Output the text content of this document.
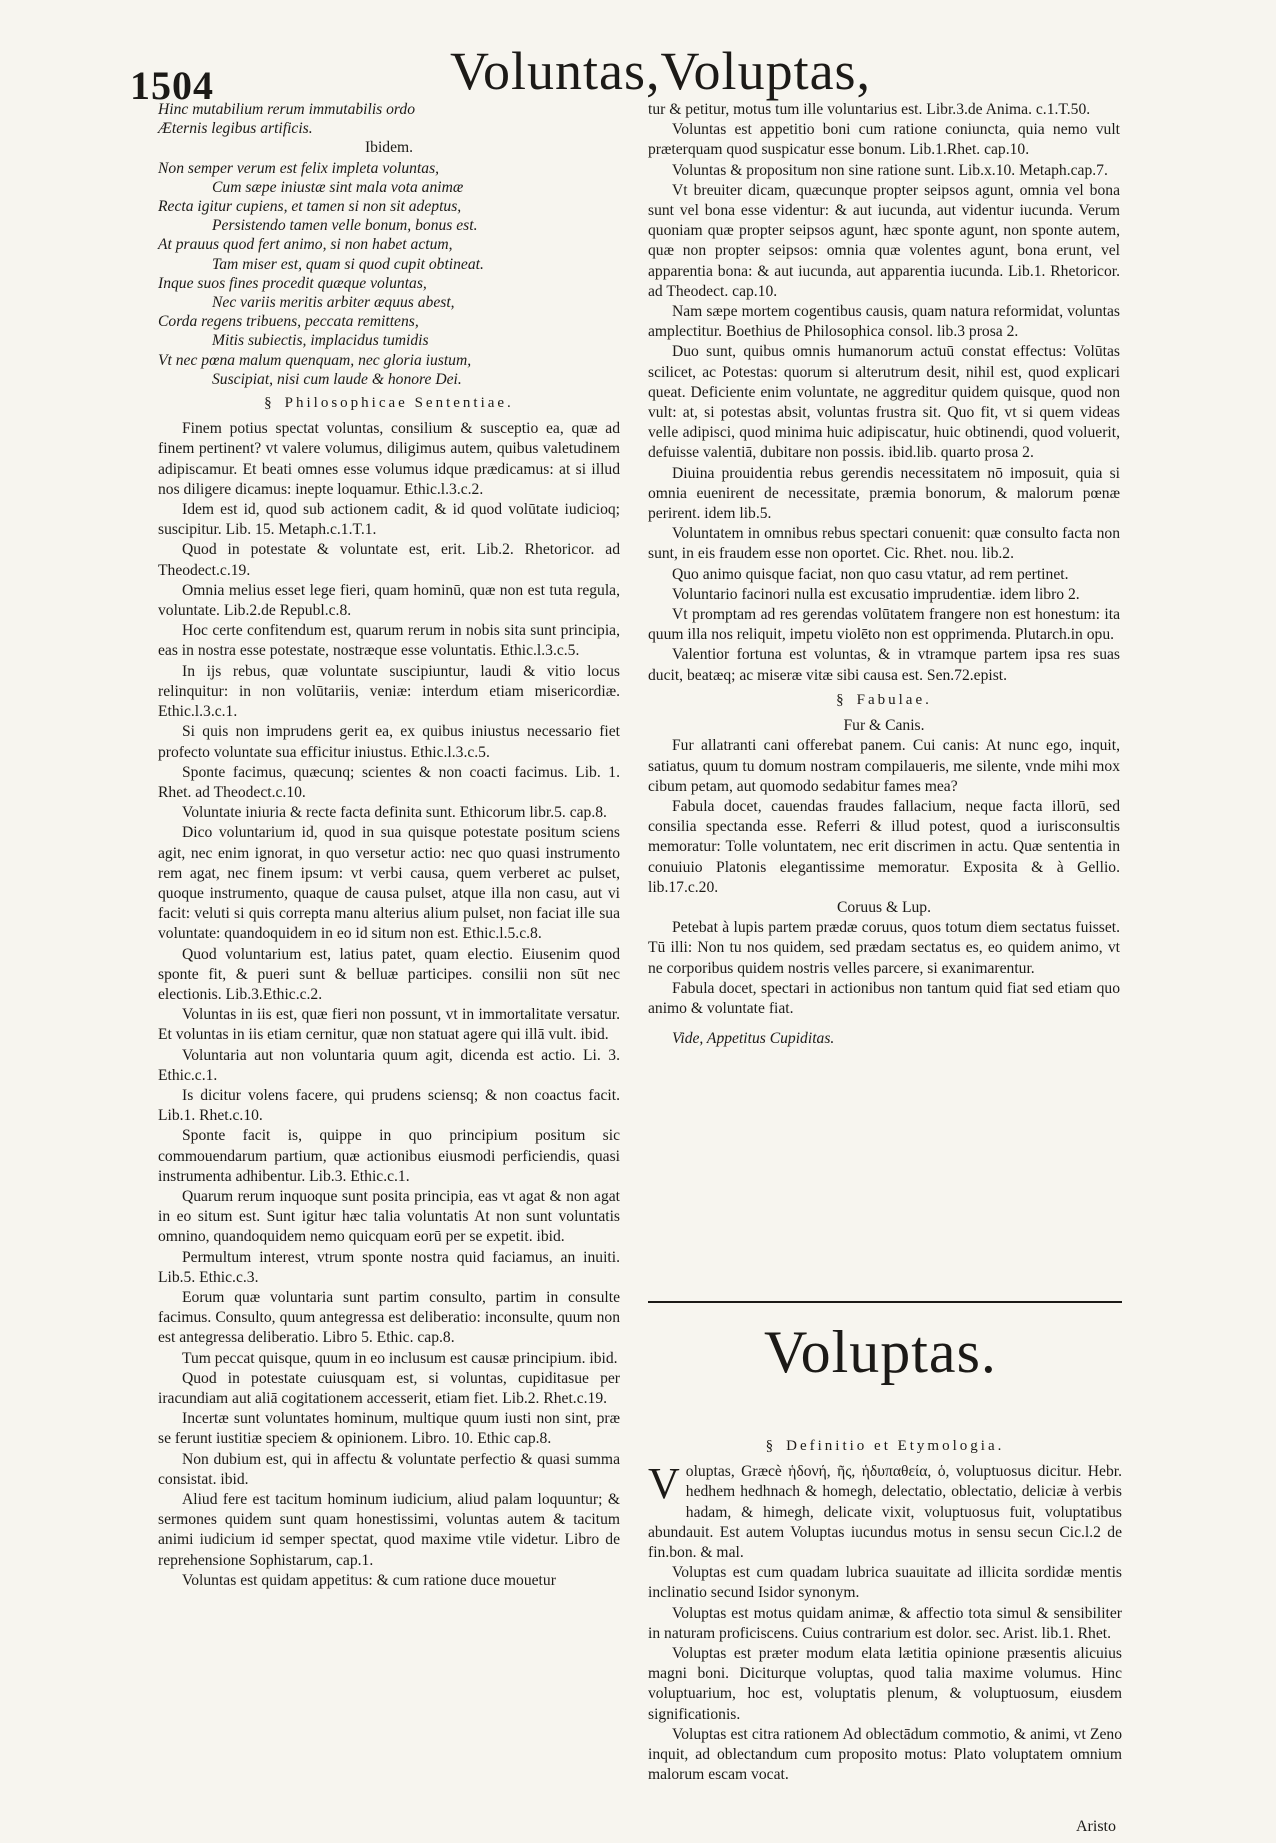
1504	Voluntas,Voluptas,

Hinc mutabilium rerum immutabilis ordo

Æternis legibus artificis.

Ibidem.

Non semper verum est felix impleta voluntas,

Cum sæpe iniustæ sint mala vota animæ

Recta igitur cupiens, et tamen si non sit adeptus,

Persistendo tamen velle bonum, bonus est.

At prauus quod fert animo, si non habet actum,

Tam miser est, quam si quod cupit obtineat.

Inque suos fines procedit quæque voluntas,

Nec variis meritis arbiter æquus abest,

Corda regens tribuens, peccata remittens,

Mitis subiectis, implacidus tumidis

Vt nec pœna malum quenquam, nec gloria iustum,

Suscipiat, nisi cum laude & honore Dei.

§ Philosophicae Sententiae.

Finem potius spectat voluntas, consilium & susceptio ea, quæ ad finem pertinent? vt valere volumus, diligimus autem, quibus valetudinem adipiscamur. Et beati omnes esse volumus idque prædicamus: at si illud nos diligere dicamus: inepte loquamur. Ethic.l.3.c.2.

Idem est id, quod sub actionem cadit, & id quod volūtate iudicioq; suscipitur. Lib. 15. Metaph.c.1.T.1.

Quod in potestate & voluntate est, erit. Lib.2. Rhetoricor. ad Theodect.c.19.

Omnia melius esset lege fieri, quam hominū, quæ non est tuta regula, voluntate. Lib.2.de Republ.c.8.

Hoc certe confitendum est, quarum rerum in nobis sita sunt principia, eas in nostra esse potestate, nostræque esse voluntatis. Ethic.l.3.c.5.

In ijs rebus, quæ voluntate suscipiuntur, laudi & vitio locus relinquitur: in non volūtariis, veniæ: interdum etiam misericordiæ. Ethic.l.3.c.1.

Si quis non imprudens gerit ea, ex quibus iniustus necessario fiet profecto voluntate sua efficitur iniustus. Ethic.l.3.c.5.

Sponte facimus, quæcunq; scientes & non coacti facimus. Lib. 1. Rhet. ad Theodect.c.10.

Voluntate iniuria & recte facta definita sunt. Ethicorum libr.5. cap.8.

Dico voluntarium id, quod in sua quisque potestate positum sciens agit, nec enim ignorat, in quo versetur actio: nec quo quasi instrumento rem agat, nec finem ipsum: vt verbi causa, quem verberet ac pulset, quoque instrumento, quaque de causa pulset, atque illa non casu, aut vi facit: veluti si quis correpta manu alterius alium pulset, non faciat ille sua voluntate: quandoquidem in eo id situm non est. Ethic.l.5.c.8.

Quod voluntarium est, latius patet, quam electio. Eiusenim quod sponte fit, & pueri sunt & belluæ participes. consilii non sūt nec electionis. Lib.3.Ethic.c.2.

Voluntas in iis est, quæ fieri non possunt, vt in immortalitate versatur. Et voluntas in iis etiam cernitur, quæ non statuat agere qui illā vult. ibid.

Voluntaria aut non voluntaria quum agit, dicenda est actio. Li. 3. Ethic.c.1.

Is dicitur volens facere, qui prudens sciensq; & non coactus facit. Lib.1. Rhet.c.10.

Sponte facit is, quippe in quo principium positum sic commouendarum partium, quæ actionibus eiusmodi perficiendis, quasi instrumenta adhibentur. Lib.3. Ethic.c.1.

Quarum rerum inquoque sunt posita principia, eas vt agat & non agat in eo situm est. Sunt igitur hæc talia voluntatis At non sunt voluntatis omnino, quandoquidem nemo quicquam eorū per se expetit. ibid.

Permultum interest, vtrum sponte nostra quid faciamus, an inuiti. Lib.5. Ethic.c.3.

Eorum quæ voluntaria sunt partim consulto, partim in consulte facimus. Consulto, quum antegressa est deliberatio: inconsulte, quum non est antegressa deliberatio. Libro 5. Ethic. cap.8.

Tum peccat quisque, quum in eo inclusum est causæ principium. ibid.

Quod in potestate cuiusquam est, si voluntas, cupiditasue per iracundiam aut aliā cogitationem accesserit, etiam fiet. Lib.2. Rhet.c.19.

Incertæ sunt voluntates hominum, multique quum iusti non sint, præ se ferunt iustitiæ speciem & opinionem. Libro. 10. Ethic cap.8.

Non dubium est, qui in affectu & voluntate perfectio & quasi summa consistat. ibid.

Aliud fere est tacitum hominum iudicium, aliud palam loquuntur; & sermones quidem sunt quam honestissimi, voluntas autem & tacitum animi iudicium id semper spectat, quod maxime vtile videtur. Libro de reprehensione Sophistarum, cap.1.

Voluntas est quidam appetitus: & cum ratione duce mouetur

tur & petitur, motus tum ille voluntarius est. Libr.3.de Anima. c.1.T.50.

Voluntas est appetitio boni cum ratione coniuncta, quia nemo vult præterquam quod suspicatur esse bonum. Lib.1.Rhet. cap.10.

Voluntas & propositum non sine ratione sunt. Lib.x.10. Metaph.cap.7.

Vt breuiter dicam, quæcunque propter seipsos agunt, omnia vel bona sunt vel bona esse videntur: & aut iucunda, aut videntur iucunda. Verum quoniam quæ propter seipsos agunt, hæc sponte agunt, non sponte autem, quæ non propter seipsos: omnia quæ volentes agunt, bona erunt, vel apparentia bona: & aut iucunda, aut apparentia iucunda. Lib.1. Rhetoricor. ad Theodect. cap.10.

Nam sæpe mortem cogentibus causis, quam natura reformidat, voluntas amplectitur. Boethius de Philosophica consol. lib.3 prosa 2.

Duo sunt, quibus omnis humanorum actuū constat effectus: Volūtas scilicet, ac Potestas: quorum si alterutrum desit, nihil est, quod explicari queat. Deficiente enim voluntate, ne aggreditur quidem quisque, quod non vult: at, si potestas absit, voluntas frustra sit. Quo fit, vt si quem videas velle adipisci, quod minima huic adipiscatur, huic obtinendi, quod voluerit, defuisse valentiā, dubitare non possis. ibid.lib. quarto prosa 2.

Diuina prouidentia rebus gerendis necessitatem nō imposuit, quia si omnia euenirent de necessitate, præmia bonorum, & malorum pœnæ perirent. idem lib.5.

Voluntatem in omnibus rebus spectari conuenit: quæ consulto facta non sunt, in eis fraudem esse non oportet. Cic. Rhet. nou. lib.2.

Quo animo quisque faciat, non quo casu vtatur, ad rem pertinet.

Voluntario facinori nulla est excusatio imprudentiæ. idem libro 2.

Vt promptam ad res gerendas volūtatem frangere non est honestum: ita quum illa nos reliquit, impetu violēto non est opprimenda. Plutarch.in opu.

Valentior fortuna est voluntas, & in vtramque partem ipsa res suas ducit, beatæq; ac miseræ vitæ sibi causa est. Sen.72.epist.

§ Fabulae.

Fur & Canis.

Fur allatranti cani offerebat panem. Cui canis: At nunc ego, inquit, satiatus, quum tu domum nostram compilaueris, me silente, vnde mihi mox cibum petam, aut quomodo sedabitur fames mea?

Fabula docet, cauendas fraudes fallacium, neque facta illorū, sed consilia spectanda esse. Referri & illud potest, quod a iurisconsultis memoratur: Tolle voluntatem, nec erit discrimen in actu. Quæ sententia in conuiuio Platonis elegantissime memoratur. Exposita & à Gellio. lib.17.c.20.

Coruus & Lup.

Petebat à lupis partem prædæ coruus, quos totum diem sectatus fuisset. Tū illi: Non tu nos quidem, sed prædam sectatus es, eo quidem animo, vt ne corporibus quidem nostris velles parcere, si exanimarentur.

Fabula docet, spectari in actionibus non tantum quid fiat sed etiam quo animo & voluntate fiat.

Vide, Appetitus Cupiditas.

Voluptas.
§ Definitio et Etymologia.

Voluptas, Græcè ἡδονή, ῆς, ἡδυπαθεία, ὁ, voluptuosus dicitur. Hebr. hedhem hedhnach & homegh, delectatio, oblectatio, deliciæ à verbis hadam, & himegh, delicate vixit, voluptuosus fuit, voluptatibus abundauit. Est autem Voluptas iucundus motus in sensu secun Cic.l.2 de fin.bon. & mal.

Voluptas est cum quadam lubrica suauitate ad illicita sordidæ mentis inclinatio secund Isidor synonym.

Voluptas est motus quidam animæ, & affectio tota simul & sensibiliter in naturam proficiscens. Cuius contrarium est dolor. sec. Arist. lib.1. Rhet.

Voluptas est præter modum elata lætitia opinione præsentis alicuius magni boni. Diciturque voluptas, quod talia maxime volumus. Hinc voluptuarium, hoc est, voluptatis plenum, & voluptuosum, eiusdem significationis.

Voluptas est citra rationem Ad oblectādum commotio, & animi, vt Zeno inquit, ad oblectandum cum proposito motus: Plato voluptatem omnium malorum escam vocat.

Aristo
